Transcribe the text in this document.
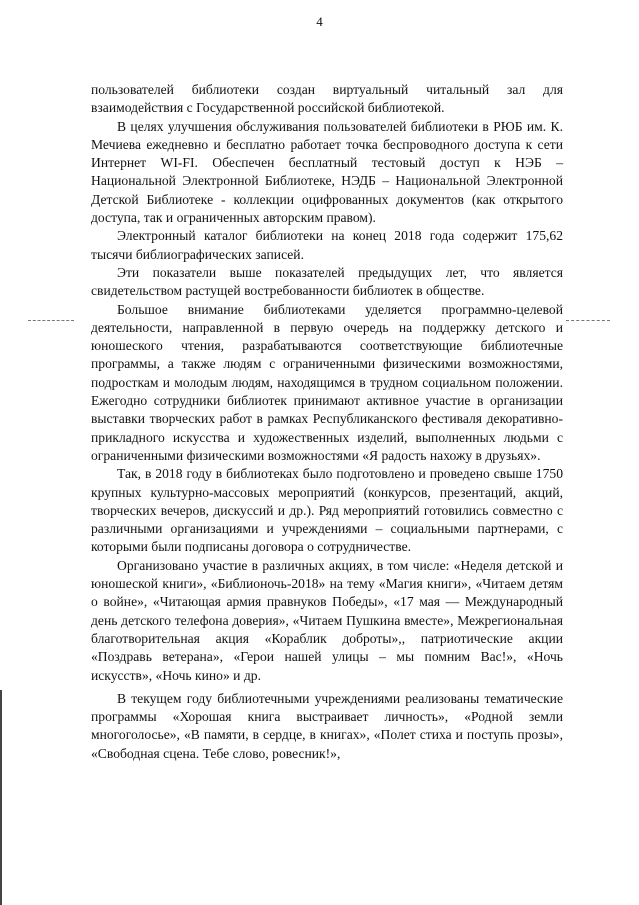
4

пользователей библиотеки создан виртуальный читальный зал для взаимодействия с Государственной российской библиотекой.

В целях улучшения обслуживания пользователей библиотеки в РЮБ им. К. Мечиева ежедневно и бесплатно работает точка беспроводного доступа к сети Интернет WI-FI. Обеспечен бесплатный тестовый доступ к НЭБ – Национальной Электронной Библиотеке, НЭДБ – Национальной Электронной Детской Библиотеке - коллекции оцифрованных документов (как открытого доступа, так и ограниченных авторским правом).

Электронный каталог библиотеки на конец 2018 года содержит 175,62 тысячи библиографических записей.

Эти показатели выше показателей предыдущих лет, что является свидетельством растущей востребованности библиотек в обществе.

Большое внимание библиотеками уделяется программно-целевой деятельности, направленной в первую очередь на поддержку детского и юношеского чтения, разрабатываются соответствующие библиотечные программы, а также людям с ограниченными физическими возможностями, подросткам и молодым людям, находящимся в трудном социальном положении. Ежегодно сотрудники библиотек принимают активное участие в организации выставки творческих работ в рамках Республиканского фестиваля декоративно-прикладного искусства и художественных изделий, выполненных людьми с ограниченными физическими возможностями «Я радость нахожу в друзьях».

Так, в 2018 году в библиотеках было подготовлено и проведено свыше 1750 крупных культурно-массовых мероприятий (конкурсов, презентаций, акций, творческих вечеров, дискуссий и др.). Ряд мероприятий готовились совместно с различными организациями и учреждениями – социальными партнерами, с которыми были подписаны договора о сотрудничестве.

Организовано участие в различных акциях, в том числе: «Неделя детской и юношеской книги», «Библионочь-2018» на тему «Магия книги», «Читаем детям о войне», «Читающая армия правнуков Победы», «17 мая — Международный день детского телефона доверия», «Читаем Пушкина вместе», Межрегиональная благотворительная акция «Кораблик доброты»,, патриотические акции «Поздравь ветерана», «Герои нашей улицы – мы помним Вас!», «Ночь искусств», «Ночь кино» и др.

В текущем году библиотечными учреждениями реализованы тематические программы «Хорошая книга выстраивает личность», «Родной земли многоголосье», «В памяти, в сердце, в книгах», «Полет стиха и поступь прозы», «Свободная сцена. Тебе слово, ровесник!»,
